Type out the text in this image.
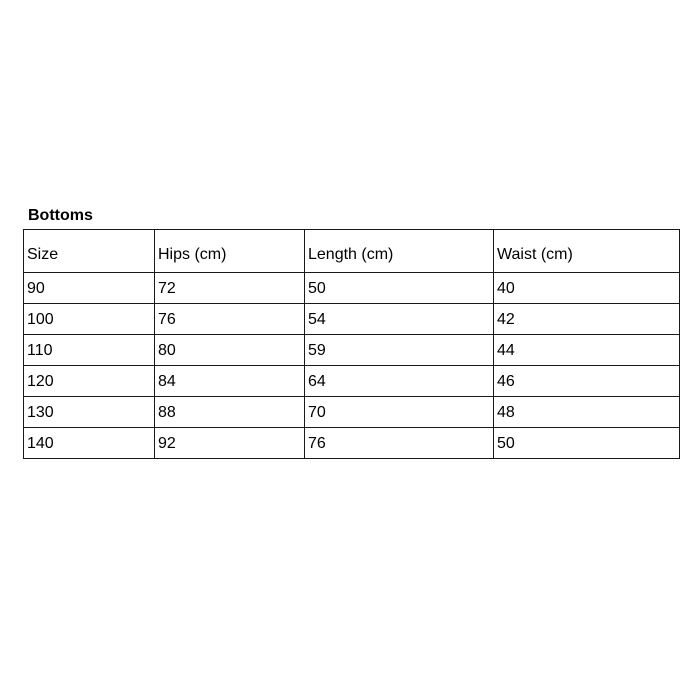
Bottoms
Size	Hips (cm)	Length (cm)	Waist (cm)
90	72	50	40
100	76	54	42
110	80	59	44
120	84	64	46
130	88	70	48
140	92	76	50
